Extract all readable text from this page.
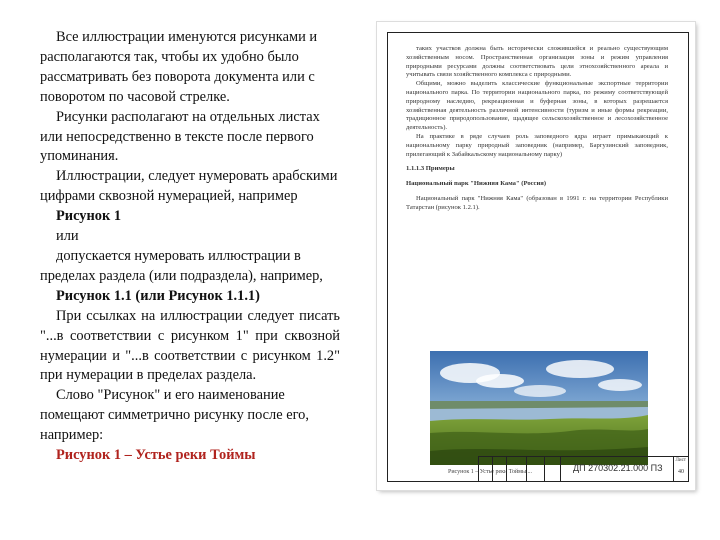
Все иллюстрации именуются рисунками и располагаются так, чтобы их удобно было рассматривать без поворота документа или с поворотом по часовой стрелке.

Рисунки располагают на отдельных листах или непосредственно в тексте после первого упоминания.

Иллюстрации, следует нумеровать арабскими цифрами сквозной нумерацией, например

Рисунок 1

или

допускается нумеровать иллюстрации в пределах раздела (или подраздела), например,

Рисунок 1.1 (или Рисунок 1.1.1)

При ссылках на иллюстрации следует писать "...в соответствии с рисунком 1" при сквозной нумерации и "...в соответствии с рисунком 1.2" при нумерации в пределах раздела.

Слово "Рисунок" и его наименование помещают симметрично рисунку после его, например:

Рисунок 1 – Устье реки Тоймы

таких участков должна быть исторически сложившейся и реально существующим хозяйственным носом. Пространственная организация зоны и режим управления природными ресурсами должны соответствовать цели этнохозяйственного ареала и учитывать связи хозяйственного комплекса с природными.

Общими, можно выделить классические функциональные экспортные территории национального парка. По территории национального парка, по режиму соответствующей природному наследию, рекреационная и буферная зоны, в которых разрешается хозяйственная деятельность различной интенсивности (туризм и иные формы рекреации, традиционное природопользование, щадящее сельскохозяйственное и лесохозяйственное деятельность).

На практике в ряде случаев роль заповедного ядра играет примыкающий к национальному парку природный заповедник (например, Баргузинский заповедник, прилегающий к Забайкальскому национальному парку)

1.1.1.3 Примеры

Национальный парк "Нижняя Кама" (Россия)

Национальный парк "Нижняя Кама" (образован в 1991 г. на территории Республики Татарстан (рисунок 1.2.1).

Рисунок 1 – Устье реки Тоймы ...	ДП 270302.21.000 ПЗ
Лист
40
